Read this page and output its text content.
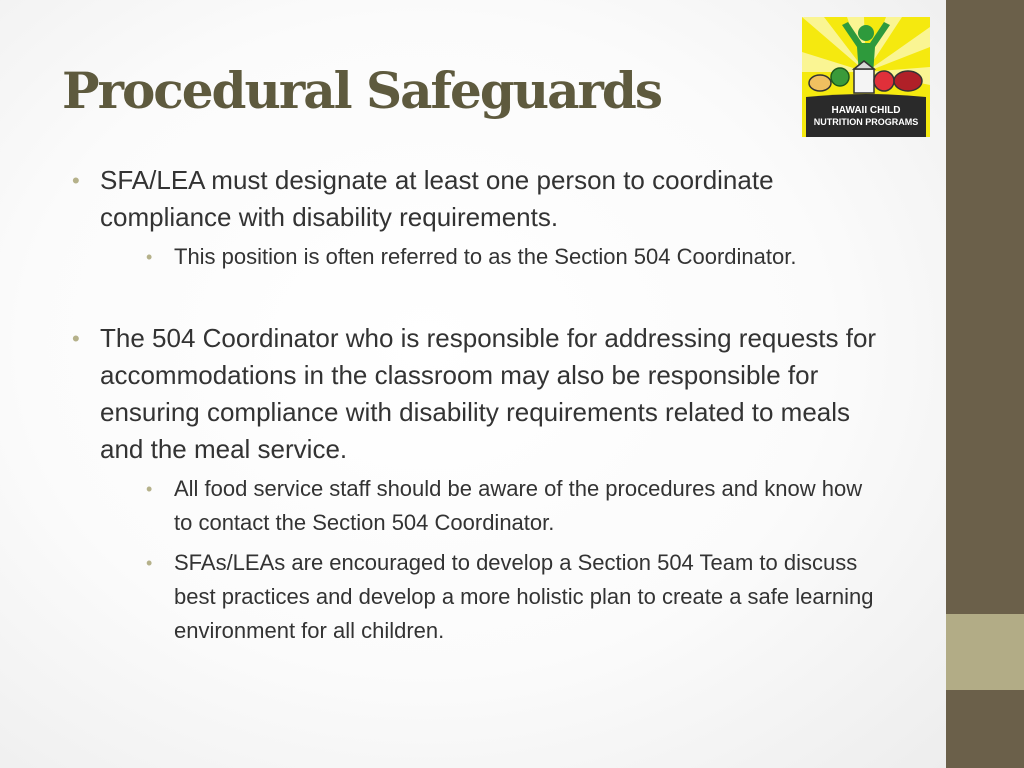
Procedural Safeguards	HAWAII CHILD
NUTRITION PROGRAMS
• SFA/LEA must designate at least one person to coordinate compliance with disability requirements.
• This position is often referred to as the Section 504 Coordinator.
• The 504 Coordinator who is responsible for addressing requests for accommodations in the classroom may also be responsible for ensuring compliance with disability requirements related to meals and the meal service.
• All food service staff should be aware of the procedures and know how to contact the Section 504 Coordinator.
• SFAs/LEAs are encouraged to develop a Section 504 Team to discuss best practices and develop a more holistic plan to create a safe learning environment for all children.
